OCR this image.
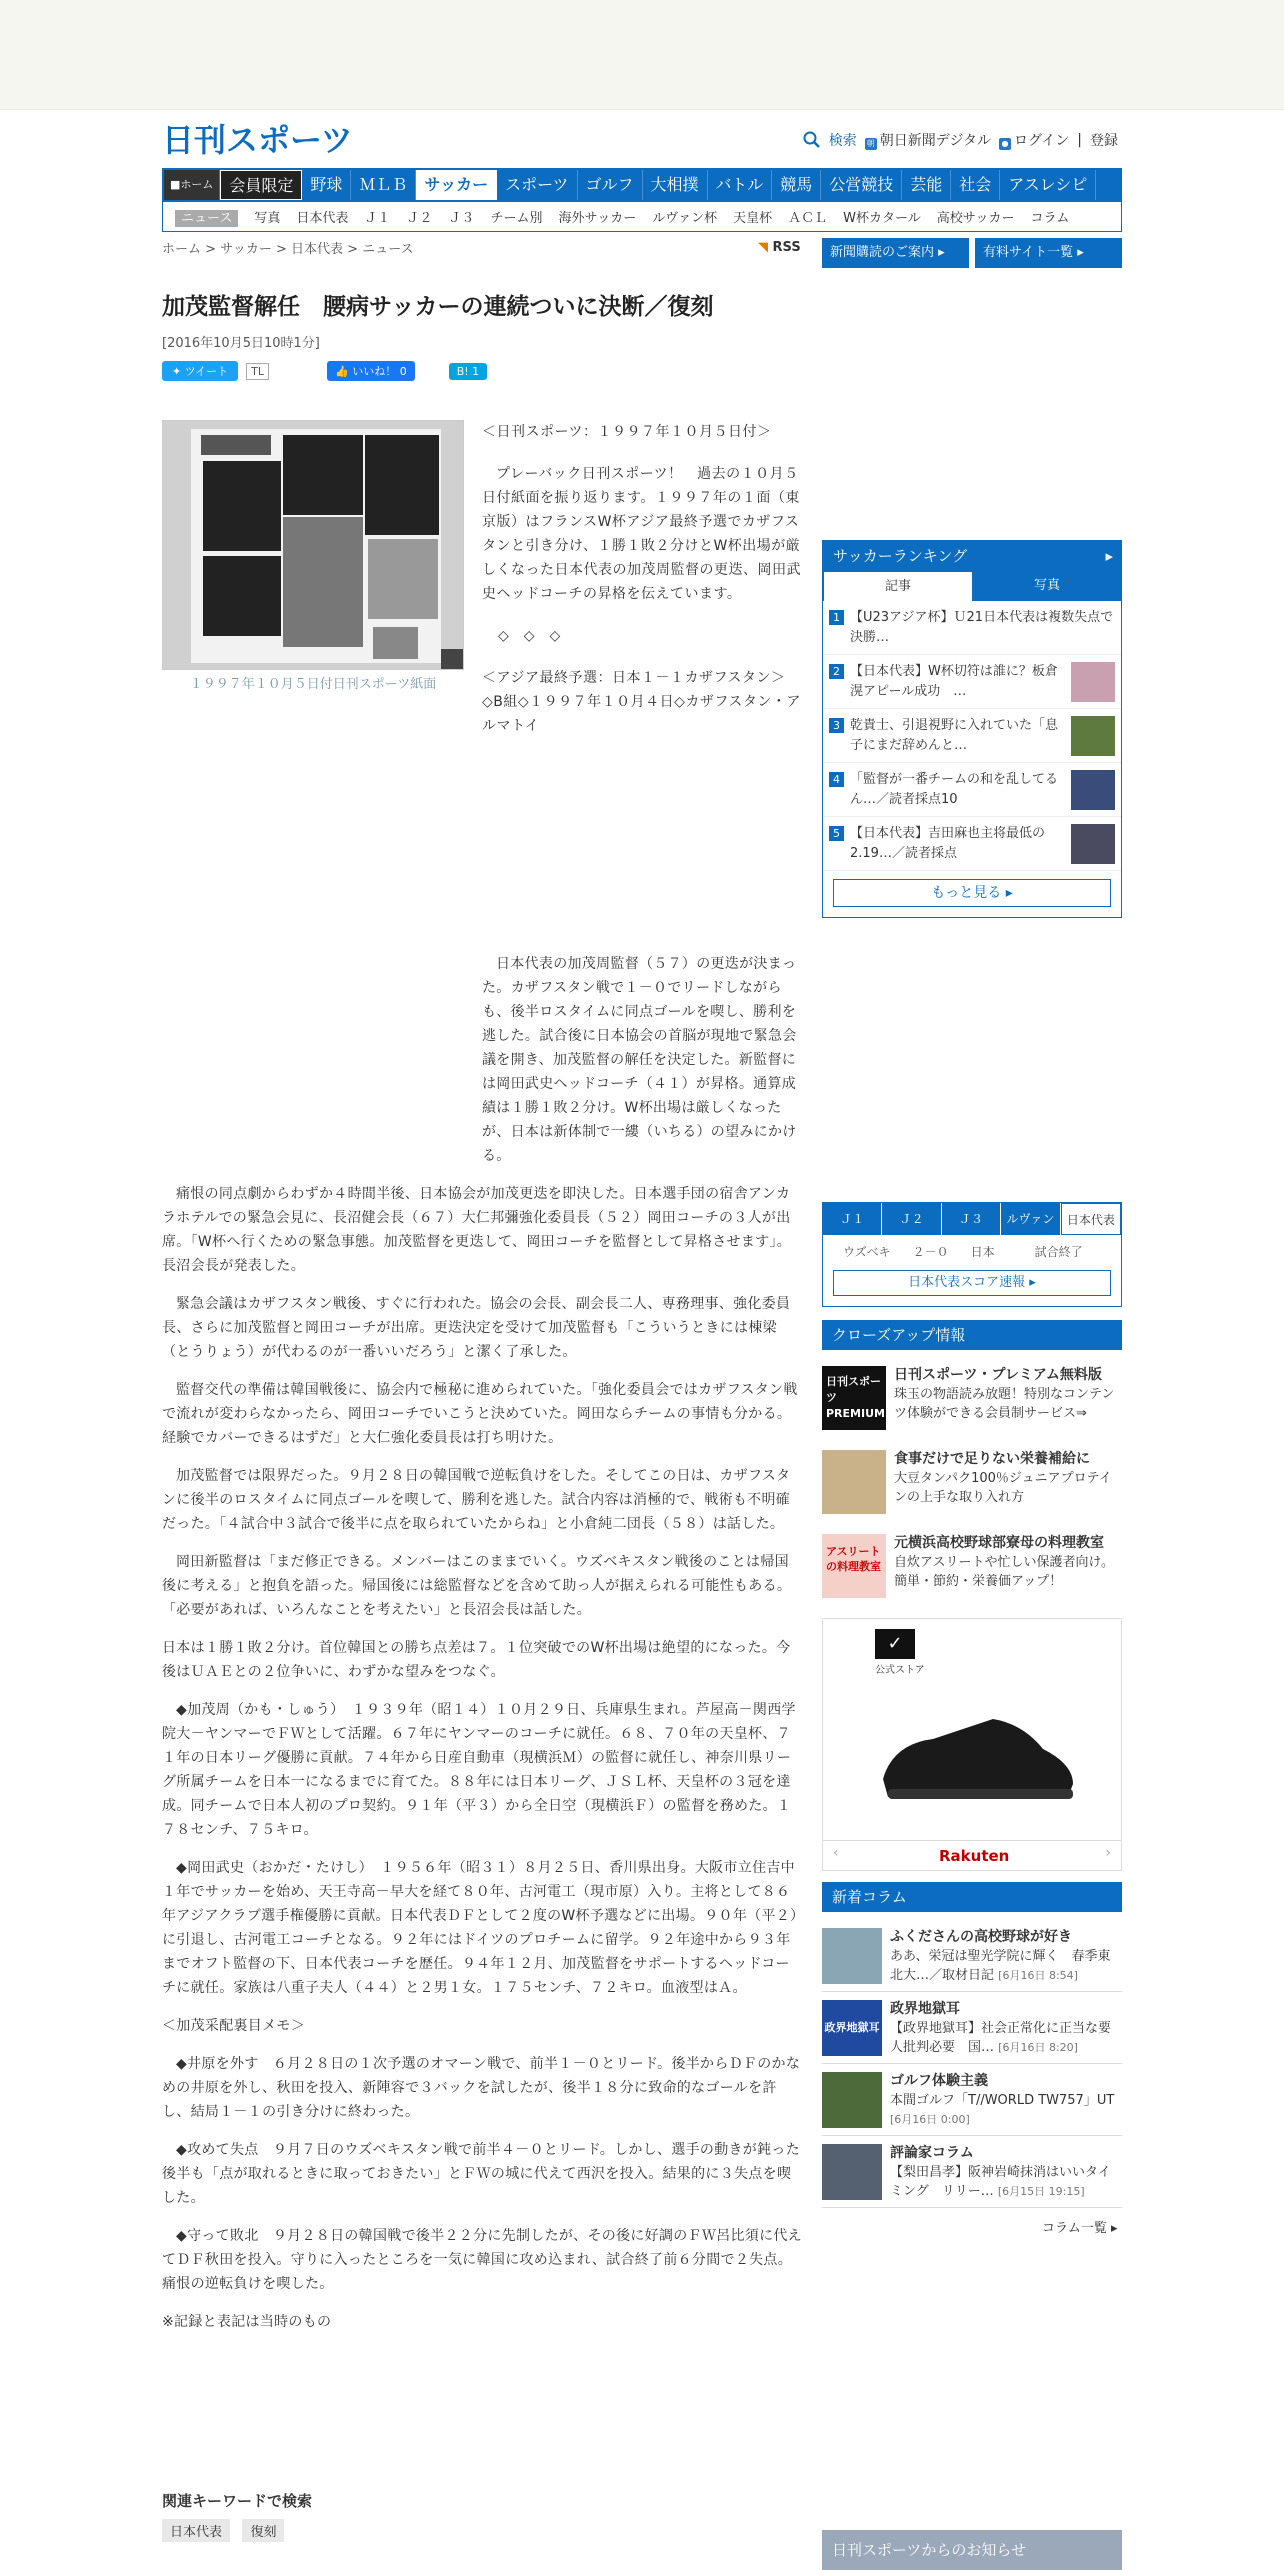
日刊スポーツ	検索 朝 朝日新聞デジタル	● ログイン | 登録
■ホーム	会員限定	野球	ＭＬＢ	サッカー	スポーツ	ゴルフ	大相撲	バトル	競馬	公営競技	芸能	社会	アスレシピ
ニュース	写真	日本代表	Ｊ１	Ｊ２	Ｊ３	チーム別	海外サッカー	ルヴァン杯	天皇杯	ＡＣＬ	W杯カタール	高校サッカー	コラム
ホーム > サッカー > 日本代表 > ニュース	◥ RSS	新聞購読のご案内 ▸	有料サイト一覧 ▸
加茂監督解任　腰病サッカーの連続ついに決断／復刻
[2016年10月5日10時1分]
✦ ツイート	TL	👍 いいね！ 0	B! 1
１９９７年１０月５日付日刊スポーツ紙面

＜日刊スポーツ：１９９７年１０月５日付＞

プレーバック日刊スポーツ！　過去の１０月５日付紙面を振り返ります。１９９７年の１面（東京版）はフランスW杯アジア最終予選でカザフスタンと引き分け、１勝１敗２分けとW杯出場が厳しくなった日本代表の加茂周監督の更迭、岡田武史ヘッドコーチの昇格を伝えています。

◇　◇　◇

＜アジア最終予選：日本１－１カザフスタン＞◇B組◇１９９７年１０月４日◇カザフスタン・アルマトイ

日本代表の加茂周監督（５７）の更迭が決まった。カザフスタン戦で１－０でリードしながらも、後半ロスタイムに同点ゴールを喫し、勝利を逃した。試合後に日本協会の首脳が現地で緊急会議を開き、加茂監督の解任を決定した。新監督には岡田武史ヘッドコーチ（４１）が昇格。通算成績は１勝１敗２分け。W杯出場は厳しくなったが、日本は新体制で一縷（いちる）の望みにかける。

痛恨の同点劇からわずか４時間半後、日本協会が加茂更迭を即決した。日本選手団の宿舎アンカラホテルでの緊急会見に、長沼健会長（６７）大仁邦彌強化委員長（５２）岡田コーチの３人が出席。「W杯へ行くための緊急事態。加茂監督を更迭して、岡田コーチを監督として昇格させます」。長沼会長が発表した。

緊急会議はカザフスタン戦後、すぐに行われた。協会の会長、副会長二人、専務理事、強化委員長、さらに加茂監督と岡田コーチが出席。更迭決定を受けて加茂監督も「こういうときには棟梁（とうりょう）が代わるのが一番いいだろう」と潔く了承した。

監督交代の準備は韓国戦後に、協会内で極秘に進められていた。「強化委員会ではカザフスタン戦で流れが変わらなかったら、岡田コーチでいこうと決めていた。岡田ならチームの事情も分かる。経験でカバーできるはずだ」と大仁強化委員長は打ち明けた。

加茂監督では限界だった。９月２８日の韓国戦で逆転負けをした。そしてこの日は、カザフスタンに後半のロスタイムに同点ゴールを喫して、勝利を逃した。試合内容は消極的で、戦術も不明確だった。「４試合中３試合で後半に点を取られていたからね」と小倉純二団長（５８）は話した。

岡田新監督は「まだ修正できる。メンバーはこのままでいく。ウズベキスタン戦後のことは帰国後に考える」と抱負を語った。帰国後には総監督などを含めて助っ人が据えられる可能性もある。「必要があれば、いろんなことを考えたい」と長沼会長は話した。

日本は１勝１敗２分け。首位韓国との勝ち点差は７。１位突破でのW杯出場は絶望的になった。今後はＵＡＥとの２位争いに、わずかな望みをつなぐ。

◆加茂周（かも・しゅう）　１９３９年（昭１４）１０月２９日、兵庫県生まれ。芦屋高－関西学院大－ヤンマーでＦＷとして活躍。６７年にヤンマーのコーチに就任。６８、７０年の天皇杯、７１年の日本リーグ優勝に貢献。７４年から日産自動車（現横浜Ｍ）の監督に就任し、神奈川県リーグ所属チームを日本一になるまでに育てた。８８年には日本リーグ、ＪＳＬ杯、天皇杯の３冠を達成。同チームで日本人初のプロ契約。９１年（平３）から全日空（現横浜Ｆ）の監督を務めた。１７８センチ、７５キロ。

◆岡田武史（おかだ・たけし）　１９５６年（昭３１）８月２５日、香川県出身。大阪市立住吉中１年でサッカーを始め、天王寺高－早大を経て８０年、古河電工（現市原）入り。主将として８６年アジアクラブ選手権優勝に貢献。日本代表ＤＦとして２度のW杯予選などに出場。９０年（平２）に引退し、古河電工コーチとなる。９２年にはドイツのプロチームに留学。９２年途中から９３年までオフト監督の下、日本代表コーチを歴任。９４年１２月、加茂監督をサポートするヘッドコーチに就任。家族は八重子夫人（４４）と２男１女。１７５センチ、７２キロ。血液型はＡ。

＜加茂采配裏目メモ＞

◆井原を外す　６月２８日の１次予選のオマーン戦で、前半１－０とリード。後半からＤＦのかなめの井原を外し、秋田を投入、新陣容で３バックを試したが、後半１８分に致命的なゴールを許し、結局１－１の引き分けに終わった。

◆攻めて失点　９月７日のウズベキスタン戦で前半４－０とリード。しかし、選手の動きが鈍った後半も「点が取れるときに取っておきたい」とＦＷの城に代えて西沢を投入。結果的に３失点を喫した。

◆守って敗北　９月２８日の韓国戦で後半２２分に先制したが、その後に好調のＦＷ呂比須に代えてＤＦ秋田を投入。守りに入ったところを一気に韓国に攻め込まれ、試合終了前６分間で２失点。痛恨の逆転負けを喫した。

※記録と表記は当時のもの

関連キーワードで検索
日本代表 復刻
サッカーランキング	▸
記事	写真
1 【U23アジア杯】Ｕ21日本代表は複数失点で決勝…
2 【日本代表】W杯切符は誰に？板倉滉アピール成功　…
3 乾貴士、引退視野に入れていた「息子にまだ辞めんと…
4 「監督が一番チームの和を乱してるん…／読者採点10
5 【日本代表】吉田麻也主将最低の2.19…／読者採点
もっと見る ▸
Ｊ１	Ｊ２	Ｊ３	ルヴァン	日本代表
ウズベキ ２－０ 日本	試合終了
日本代表スコア速報 ▸
クローズアップ情報
日刊スポーツ PREMIUM
日刊スポーツ・プレミアム無料版
珠玉の物語読み放題！特別なコンテンツ体験ができる会員制サービス⇒
食事だけで足りない栄養補給に
大豆タンパク100％ジュニアプロテインの上手な取り入れ方
アスリートの料理教室
元横浜高校野球部寮母の料理教室
自炊アスリートや忙しい保護者向け。簡単・節約・栄養価アップ！
✓
公式ストア
‹	Rakuten	›
新着コラム
ふくださんの高校野球が好き
ああ、栄冠は聖光学院に輝く　春季東北大…／取材日記 [6月16日 8:54]
政界地獄耳
政界地獄耳
【政界地獄耳】社会正常化に正当な要人批判必要　国… [6月16日 8:20]
ゴルフ体験主義
本間ゴルフ「T//WORLD TW757」UT [6月16日 0:00]
評論家コラム
【梨田昌孝】阪神岩崎抹消はいいタイミング　リリー… [6月15日 19:15]
コラム一覧 ▸
日刊スポーツからのお知らせ
